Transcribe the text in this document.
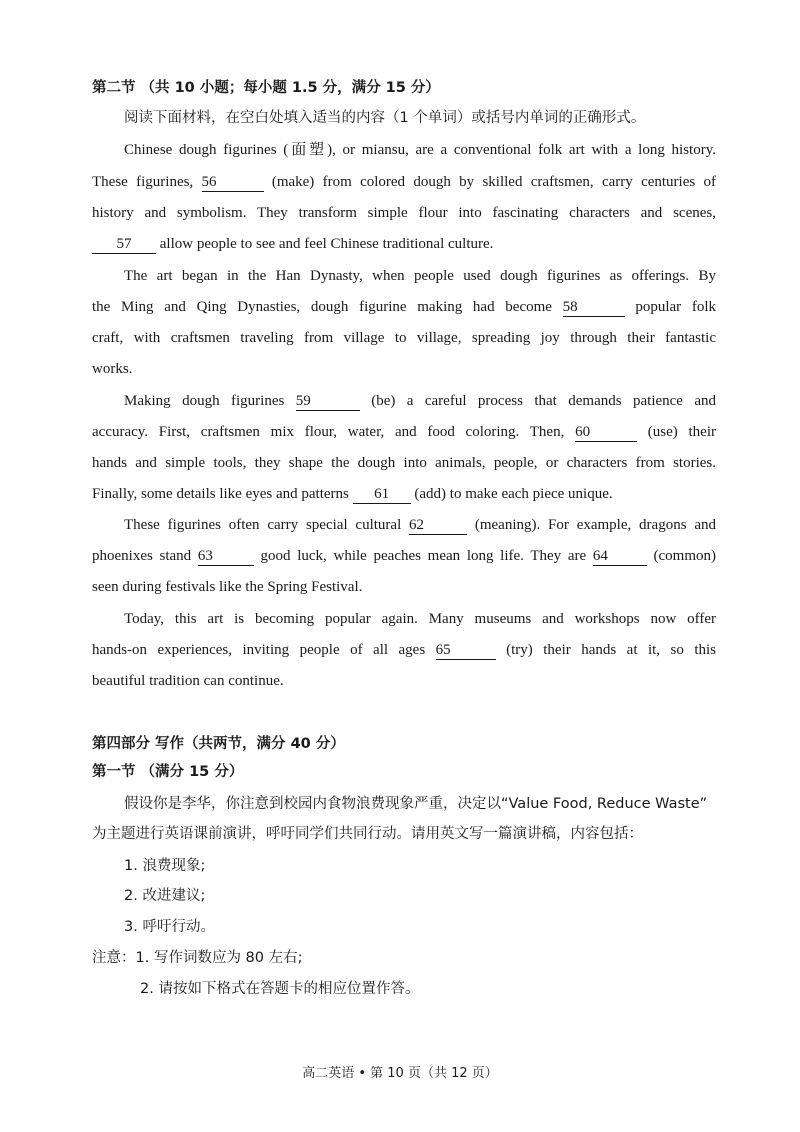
第二节 （共 10 小题；每小题 1.5 分，满分 15 分）
阅读下面材料，在空白处填入适当的内容（1 个单词）或括号内单词的正确形式。
Chinese dough figurines (面塑), or miansu, are a conventional folk art with a long history.
These figurines, 56	(make) from colored dough by skilled craftsmen, carry centuries of
history and symbolism. They transform simple flour into fascinating characters and scenes,
57 allow people to see and feel Chinese traditional culture.
The art began in the Han Dynasty, when people used dough figurines as offerings. By
the Ming and Qing Dynasties, dough figurine making had become 58	popular folk
craft, with craftsmen traveling from village to village, spreading joy through their fantastic
works.
Making dough figurines 59	(be) a careful process that demands patience and
accuracy. First, craftsmen mix flour, water, and food coloring. Then, 60	(use) their
hands and simple tools, they shape the dough into animals, people, or characters from stories.
Finally, some details like eyes and patterns 61 (add) to make each piece unique.
These figurines often carry special cultural 62	(meaning). For example, dragons and
phoenixes stand 63	good luck, while peaches mean long life. They are 64	(common)
seen during festivals like the Spring Festival.
Today, this art is becoming popular again. Many museums and workshops now offer
hands-on experiences, inviting people of all ages 65	(try) their hands at it, so this
beautiful tradition can continue.
第四部分 写作（共两节，满分 40 分）
第一节 （满分 15 分）
假设你是李华，你注意到校园内食物浪费现象严重，决定以“Value Food, Reduce Waste”
为主题进行英语课前演讲，呼吁同学们共同行动。请用英文写一篇演讲稿，内容包括：
1. 浪费现象;
2. 改进建议;
3. 呼吁行动。
注意：1. 写作词数应为 80 左右;
2. 请按如下格式在答题卡的相应位置作答。
高二英语 • 第 10 页（共 12 页）
